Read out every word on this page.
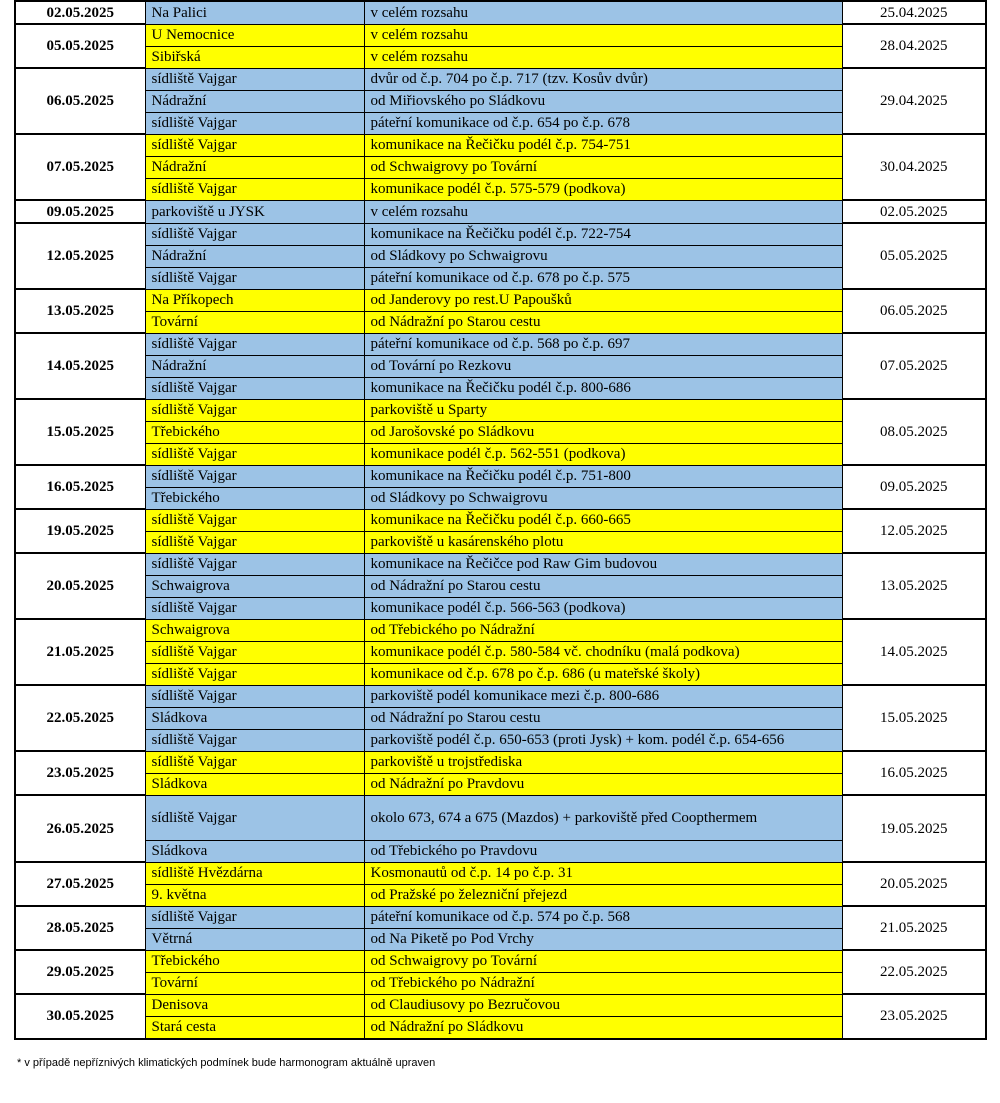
02.05.2025	Na Palici	v celém rozsahu	25.04.2025
05.05.2025	U Nemocnice	v celém rozsahu	28.04.2025
	Sibiřská	v celém rozsahu	
06.05.2025	sídliště Vajgar	dvůr od č.p. 704 po č.p. 717 (tzv. Kosův dvůr)	29.04.2025
	Nádražní	od Miřiovského po Sládkovu	
	sídliště Vajgar	páteřní komunikace od č.p. 654 po č.p. 678	
07.05.2025	sídliště Vajgar	komunikace na Řečičku podél č.p. 754-751	30.04.2025
	Nádražní	od Schwaigrovy po Tovární	
	sídliště Vajgar	komunikace podél č.p. 575-579 (podkova)	
09.05.2025	parkoviště u JYSK	v celém rozsahu	02.05.2025
12.05.2025	sídliště Vajgar	komunikace na Řečičku podél č.p. 722-754	05.05.2025
	Nádražní	od Sládkovy po Schwaigrovu	
	sídliště Vajgar	páteřní komunikace od č.p. 678 po č.p. 575	
13.05.2025	Na Příkopech	od Janderovy po rest.U Papoušků	06.05.2025
	Tovární	od Nádražní po Starou cestu	
14.05.2025	sídliště Vajgar	páteřní komunikace od č.p. 568 po č.p. 697	07.05.2025
	Nádražní	od Tovární po Rezkovu	
	sídliště Vajgar	komunikace na Řečičku podél č.p. 800-686	
15.05.2025	sídliště Vajgar	parkoviště u Sparty	08.05.2025
	Třebického	od Jarošovské po Sládkovu	
	sídliště Vajgar	komunikace podél č.p. 562-551 (podkova)	
16.05.2025	sídliště Vajgar	komunikace na Řečičku podél č.p. 751-800	09.05.2025
	Třebického	od Sládkovy po Schwaigrovu	
19.05.2025	sídliště Vajgar	komunikace na Řečičku podél č.p. 660-665	12.05.2025
	sídliště Vajgar	parkoviště u kasárenského plotu	
20.05.2025	sídliště Vajgar	komunikace na Řečičce pod Raw Gim budovou	13.05.2025
	Schwaigrova	od Nádražní po Starou cestu	
	sídliště Vajgar	komunikace podél č.p. 566-563 (podkova)	
21.05.2025	Schwaigrova	od Třebického po Nádražní	14.05.2025
	sídliště Vajgar	komunikace podél č.p. 580-584 vč. chodníku (malá podkova)	
	sídliště Vajgar	komunikace od č.p. 678 po č.p. 686 (u mateřské školy)	
22.05.2025	sídliště Vajgar	parkoviště podél komunikace mezi č.p. 800-686	15.05.2025
	Sládkova	od Nádražní po Starou cestu	
	sídliště Vajgar	parkoviště podél č.p. 650-653 (proti Jysk) + kom. podél č.p. 654-656	
23.05.2025	sídliště Vajgar	parkoviště u trojstřediska	16.05.2025
	Sládkova	od Nádražní po Pravdovu	
26.05.2025	sídliště Vajgar	okolo 673, 674 a 675 (Mazdos) + parkoviště před Coopthermem	19.05.2025
	Sládkova	od Třebického po Pravdovu	
27.05.2025	sídliště Hvězdárna	Kosmonautů od č.p. 14 po č.p. 31	20.05.2025
	9. května	od Pražské po železniční přejezd	
28.05.2025	sídliště Vajgar	páteřní komunikace od č.p. 574 po č.p. 568	21.05.2025
	Větrná	od Na Piketě po Pod Vrchy	
29.05.2025	Třebického	od Schwaigrovy po Tovární	22.05.2025
	Tovární	od Třebického po Nádražní	
30.05.2025	Denisova	od Claudiusovy po Bezručovou	23.05.2025
	Stará cesta	od Nádražní po Sládkovu	
* v případě nepříznivých klimatických podmínek bude harmonogram aktuálně upraven
